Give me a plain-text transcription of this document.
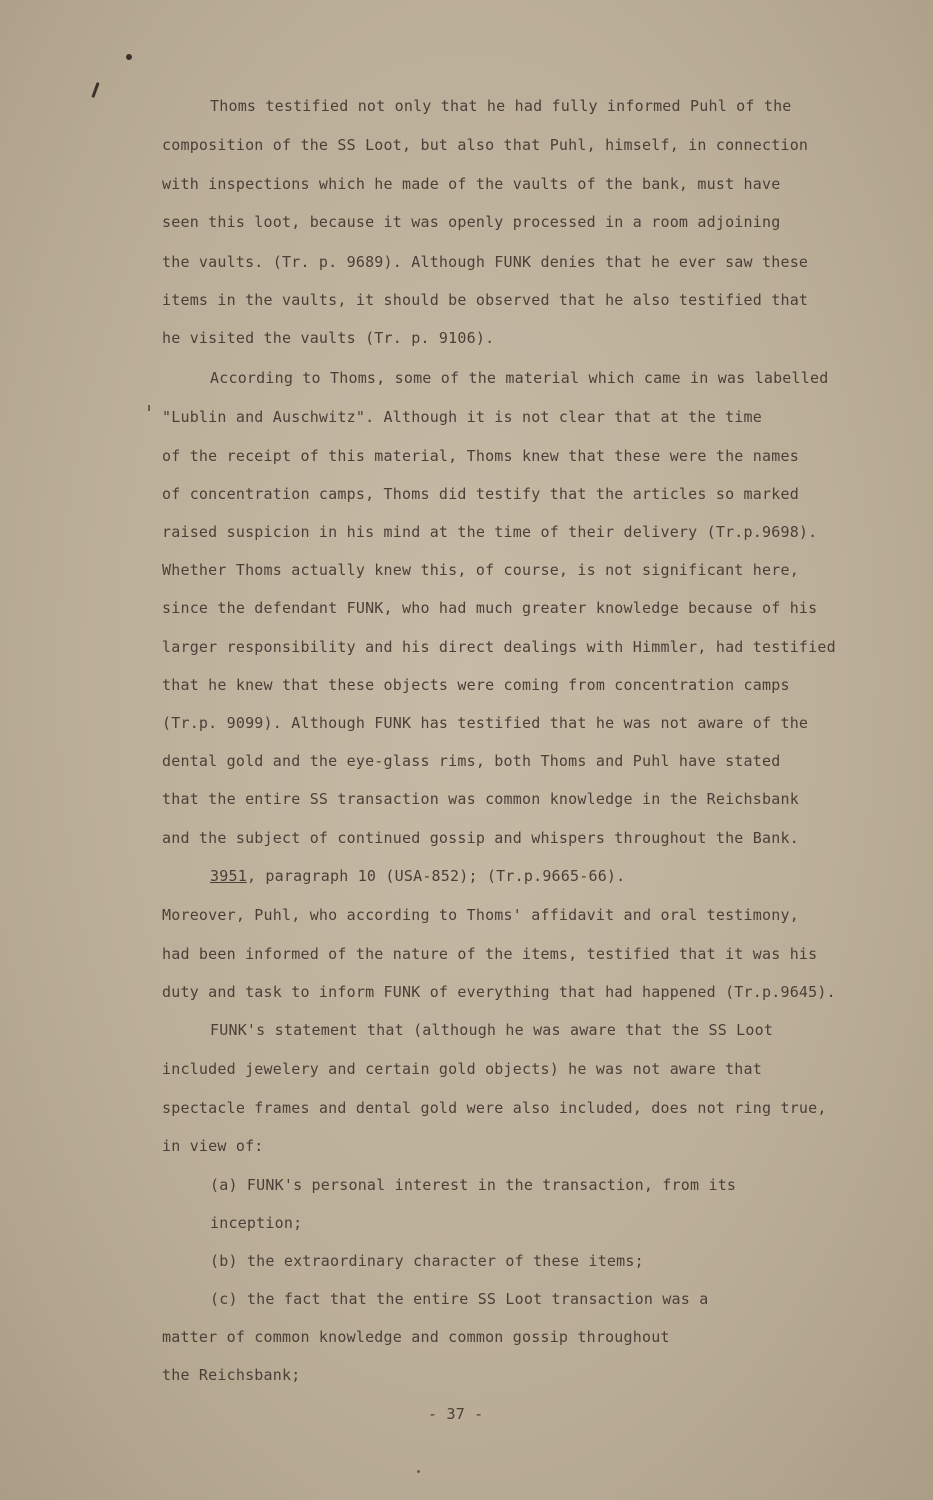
Thoms testified not only that he had fully informed Puhl of the

composition of the SS Loot, but also that Puhl, himself, in connection

with inspections which he made of the vaults of the bank, must have

seen this loot, because it was openly processed in a room adjoining

the vaults. (Tr. p. 9689). Although FUNK denies that he ever saw these

items in the vaults, it should be observed that he also testified that

he visited the vaults (Tr. p. 9106).

According to Thoms, some of the material which came in was labelled

"Lublin and Auschwitz". Although it is not clear that at the time

of the receipt of this material, Thoms knew that these were the names

of concentration camps, Thoms did testify that the articles so marked

raised suspicion in his mind at the time of their delivery (Tr.p.9698).

Whether Thoms actually knew this, of course, is not significant here,

since the defendant FUNK, who had much greater knowledge because of his

larger responsibility and his direct dealings with Himmler, had testified

that he knew that these objects were coming from concentration camps

(Tr.p. 9099). Although FUNK has testified that he was not aware of the

dental gold and the eye-glass rims, both Thoms and Puhl have stated

that the entire SS transaction was common knowledge in the Reichsbank

and the subject of continued gossip and whispers throughout the Bank.

3951, paragraph 10 (USA-852); (Tr.p.9665-66).

Moreover, Puhl, who according to Thoms' affidavit and oral testimony,

had been informed of the nature of the items, testified that it was his

duty and task to inform FUNK of everything that had happened (Tr.p.9645).

FUNK's statement that (although he was aware that the SS Loot

included jewelery and certain gold objects) he was not aware that

spectacle frames and dental gold were also included, does not ring true,

in view of:

(a) FUNK's personal interest in the transaction, from its

inception;

(b) the extraordinary character of these items;

(c) the fact that the entire SS Loot transaction was a

matter of common knowledge and common gossip throughout

the Reichsbank;

- 37 -
